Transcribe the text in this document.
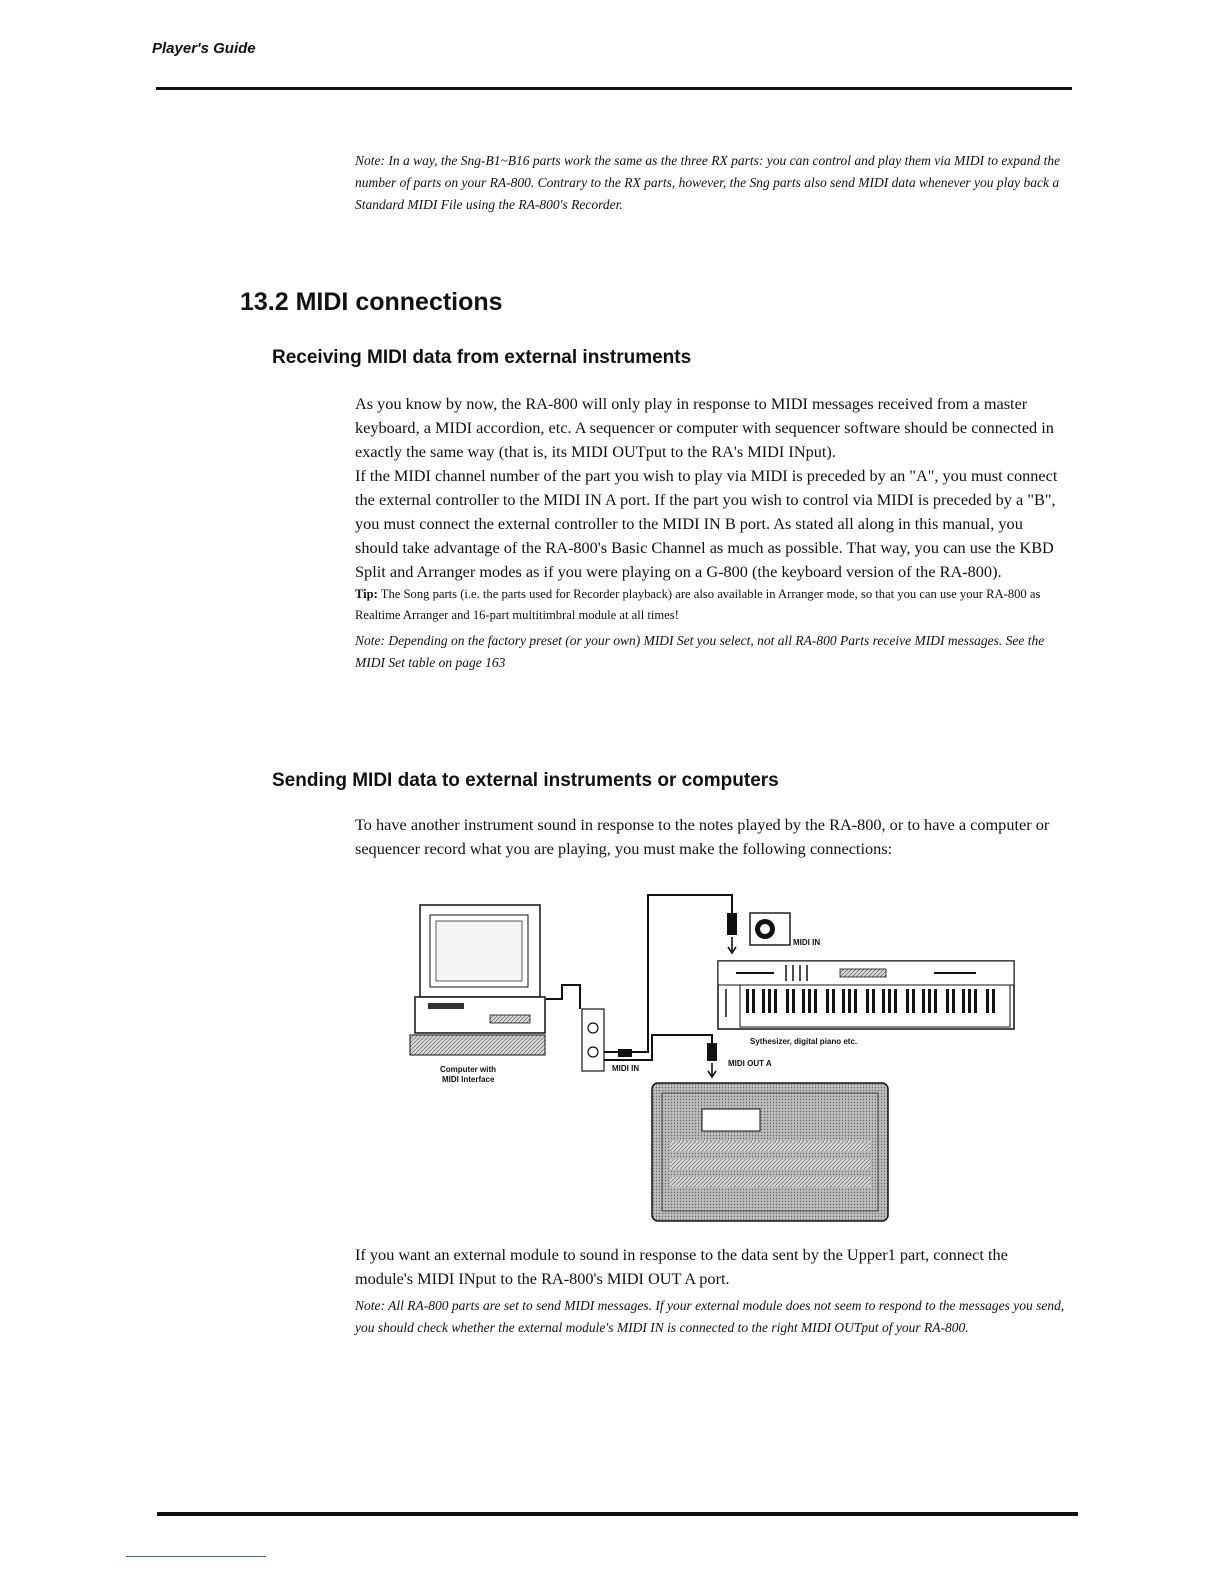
Player's Guide
Note: In a way, the Sng-B1~B16 parts work the same as the three RX parts: you can control and play them via MIDI to expand the number of parts on your RA-800. Contrary to the RX parts, however, the Sng parts also send MIDI data whenever you play back a Standard MIDI File using the RA-800's Recorder.
13.2 MIDI connections
Receiving MIDI data from external instruments

As you know by now, the RA-800 will only play in response to MIDI messages received from a master keyboard, a MIDI accordion, etc. A sequencer or computer with sequencer software should be connected in exactly the same way (that is, its MIDI OUTput to the RA's MIDI INput).

If the MIDI channel number of the part you wish to play via MIDI is preceded by an "A", you must connect the external controller to the MIDI IN A port. If the part you wish to control via MIDI is preceded by a "B", you must connect the external controller to the MIDI IN B port. As stated all along in this manual, you should take advantage of the RA-800's Basic Channel as much as possible. That way, you can use the KBD Split and Arranger modes as if you were playing on a G-800 (the keyboard version of the RA-800).

Tip: The Song parts (i.e. the parts used for Recorder playback) are also available in Arranger mode, so that you can use your RA-800 as Realtime Arranger and 16-part multitimbral module at all times!

Note: Depending on the factory preset (or your own) MIDI Set you select, not all RA-800 Parts receive MIDI messages. See the MIDI Set table on page 163

Sending MIDI data to external instruments or computers

To have another instrument sound in response to the notes played by the RA-800, or to have a computer or sequencer record what you are playing, you must make the following connections:

Computer with
MIDI Interface
MIDI IN
MIDI IN
Sythesizer, digital piano etc.
MIDI OUT A

If you want an external module to sound in response to the data sent by the Upper1 part, connect the module's MIDI INput to the RA-800's MIDI OUT A port.

Note: All RA-800 parts are set to send MIDI messages. If your external module does not seem to respond to the messages you send, you should check whether the external module's MIDI IN is connected to the right MIDI OUTput of your RA-800.
